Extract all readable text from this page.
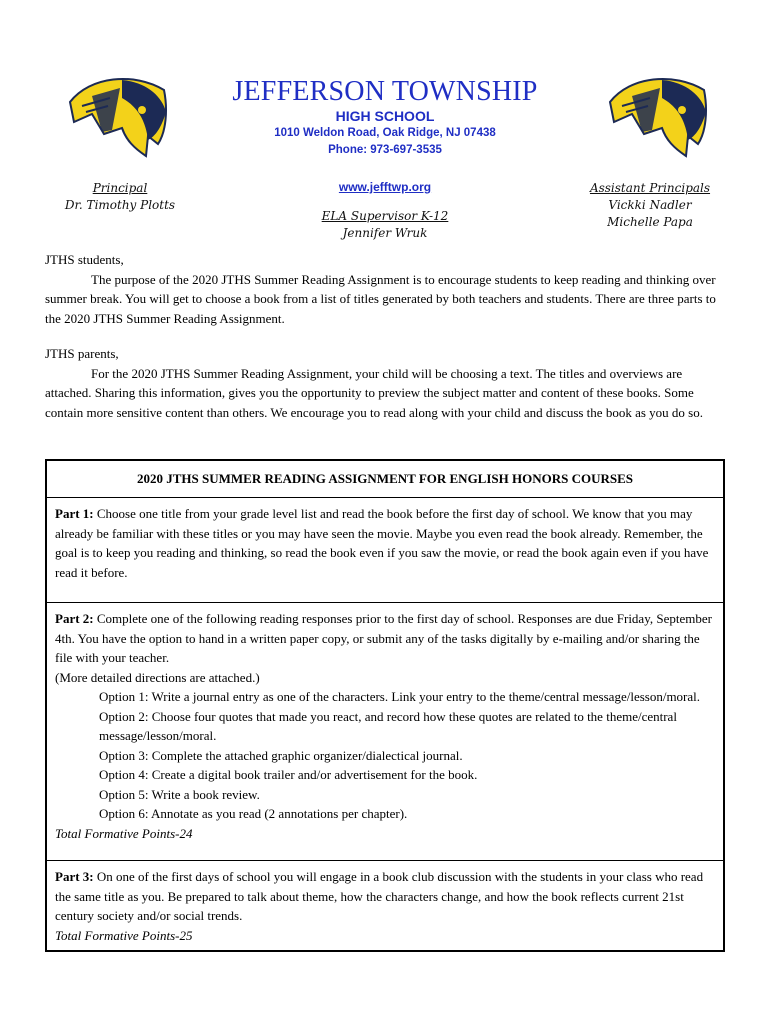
JEFFERSON TOWNSHIP
HIGH SCHOOL
1010 Weldon Road, Oak Ridge, NJ 07438
Phone: 973-697-3535
www.jefftwp.org
Principal
Dr. Timothy Plotts
ELA Supervisor K-12
Jennifer Wruk
Assistant Principals
Vickki Nadler
Michelle Papa

JTHS students,

The purpose of the 2020 JTHS Summer Reading Assignment is to encourage students to keep reading and thinking over summer break. You will get to choose a book from a list of titles generated by both teachers and students. There are three parts to the 2020 JTHS Summer Reading Assignment.

JTHS parents,

For the 2020 JTHS Summer Reading Assignment, your child will be choosing a text. The titles and overviews are attached. Sharing this information, gives you the opportunity to preview the subject matter and content of these books. Some contain more sensitive content than others. We encourage you to read along with your child and discuss the book as you do so.

2020 JTHS SUMMER READING ASSIGNMENT FOR ENGLISH HONORS COURSES
Part 1: Choose one title from your grade level list and read the book before the first day of school. We know that you may already be familiar with these titles or you may have seen the movie. Maybe you even read the book already. Remember, the goal is to keep you reading and thinking, so read the book even if you saw the movie, or read the book again even if you have read it before.
Part 2: Complete one of the following reading responses prior to the first day of school. Responses are due Friday, September 4th. You have the option to hand in a written paper copy, or submit any of the tasks digitally by e-mailing and/or sharing the file with your teacher.
(More detailed directions are attached.)
Option 1: Write a journal entry as one of the characters. Link your entry to the theme/central message/lesson/moral.
Option 2: Choose four quotes that made you react, and record how these quotes are related to the theme/central message/lesson/moral.
Option 3: Complete the attached graphic organizer/dialectical journal.
Option 4: Create a digital book trailer and/or advertisement for the book.
Option 5: Write a book review.
Option 6: Annotate as you read (2 annotations per chapter).
Total Formative Points-24
Part 3: On one of the first days of school you will engage in a book club discussion with the students in your class who read the same title as you. Be prepared to talk about theme, how the characters change, and how the book reflects current 21st century society and/or social trends.
Total Formative Points-25
